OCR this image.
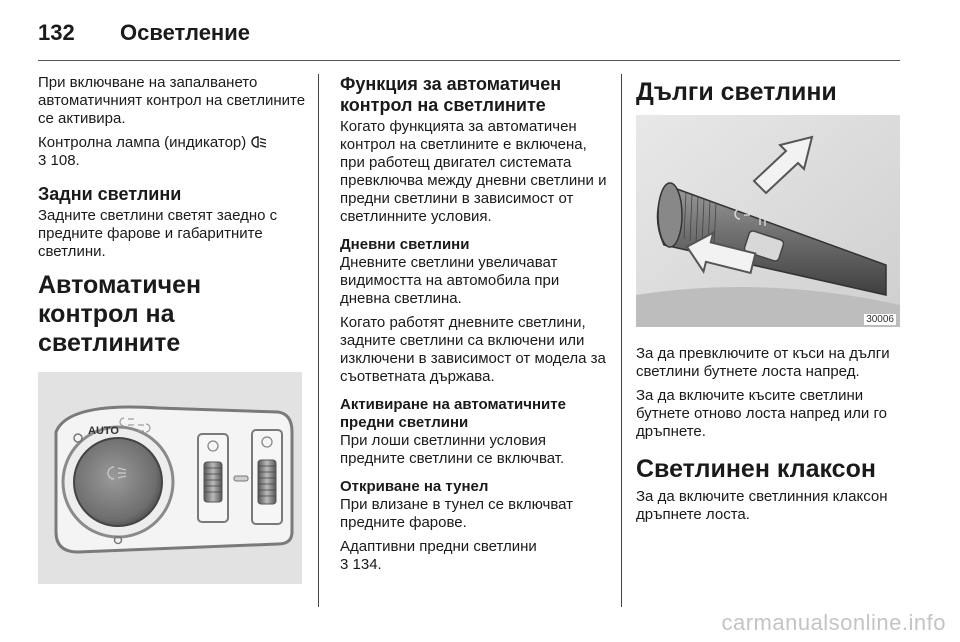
132 Осветление

При включване на запалването автоматичният контрол на светлините се активира.

Контролна лампа (индикатор)
3 108.

Задни светлини

Задните светлини светят заедно с предните фарове и габаритните светлини.

Автоматичен контрол на светлините
AUTO
Функция за автоматичен контрол на светлините

Когато функцията за автоматичен контрол на светлините е включена, при работещ двигател системата превключва между дневни светлини и предни светлини в зависимост от светлинните условия.

Дневни светлини

Дневните светлини увеличават видимостта на автомобила при дневна светлина.

Когато работят дневните светлини, задните светлини са включени или изключени в зависимост от модела за съответната държава.

Активиране на автоматичните предни светлини

При лоши светлинни условия предните светлини се включват.

Откриване на тунел

При влизане в тунел се включват предните фарове.

Адаптивни предни светлини
3 134.

Дълги светлини
30006

За да превключите от къси на дълги светлини бутнете лоста напред.

За да включите късите светлини бутнете отново лоста напред или го дръпнете.

Светлинен клаксон

За да включите светлинния клаксон дръпнете лоста.

carmanualsonline.info
